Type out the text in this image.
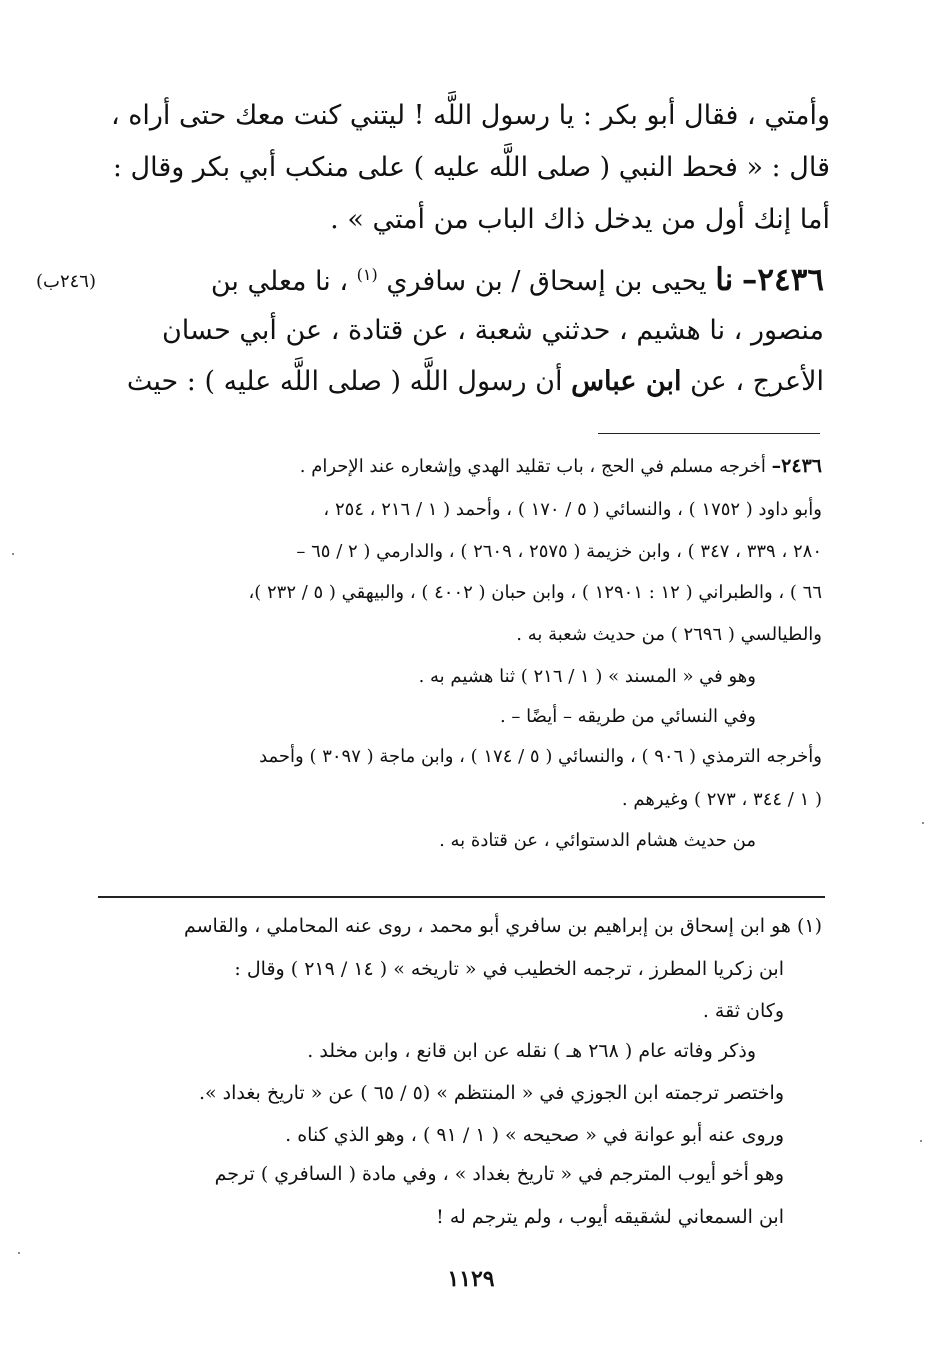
وأمتي ، فقال أبو بكر : يا رسول اللَّه ! ليتني كنت معك حتى أراه ،
قال : « فحط النبي ( صلى اللَّه عليه ) على منكب أبي بكر وقال :
أما إنك أول من يدخل ذاك الباب من أمتي » .
٢٤٣٦– نا يحيى بن إسحاق / بن سافري $^{(١)}$ ، نا معلي بن
(٢٤٦ب)
منصور ، نا هشيم ، حدثني شعبة ، عن قتادة ، عن أبي حسان
الأعرج ، عن ابن عباس أن رسول اللَّه ( صلى اللَّه عليه ) : حيث
٢٤٣٦– أخرجه مسلم في الحج ، باب تقليد الهدي وإشعاره عند الإحرام .
وأبو داود ( ١٧٥٢ ) ، والنسائي ( ٥ / ١٧٠ ) ، وأحمد ( ١ / ٢١٦ ، ٢٥٤ ،
٢٨٠ ، ٣٣٩ ، ٣٤٧ ) ، وابن خزيمة ( ٢٥٧٥ ، ٢٦٠٩ ) ، والدارمي ( ٢ / ٦٥ –
٦٦ ) ، والطبراني ( ١٢ : ١٢٩٠١ ) ، وابن حبان ( ٤٠٠٢ ) ، والبيهقي ( ٥ / ٢٣٢ )،
والطيالسي ( ٢٦٩٦ ) من حديث شعبة به .
وهو في « المسند » ( ١ / ٢١٦ ) ثنا هشيم به .
وفي النسائي من طريقه – أيضًا – .
وأخرجه الترمذي ( ٩٠٦ ) ، والنسائي ( ٥ / ١٧٤ ) ، وابن ماجة ( ٣٠٩٧ ) وأحمد
( ١ / ٣٤٤ ، ٢٧٣ ) وغيرهم .
من حديث هشام الدستوائي ، عن قتادة به .
(١) هو ابن إسحاق بن إبراهيم بن سافري أبو محمد ، روى عنه المحاملي ، والقاسم
ابن زكريا المطرز ، ترجمه الخطيب في « تاريخه » ( ١٤ / ٢١٩ ) وقال :
وكان ثقة .
وذكر وفاته عام ( ٢٦٨ هـ ) نقله عن ابن قانع ، وابن مخلد .
واختصر ترجمته ابن الجوزي في « المنتظم » (٥ / ٦٥ ) عن « تاريخ بغداد ».
وروى عنه أبو عوانة في « صحيحه » ( ١ / ٩١ ) ، وهو الذي كناه .
وهو أخو أيوب المترجم في « تاريخ بغداد » ، وفي مادة ( السافري ) ترجم
ابن السمعاني لشقيقه أيوب ، ولم يترجم له !
١١٢٩
